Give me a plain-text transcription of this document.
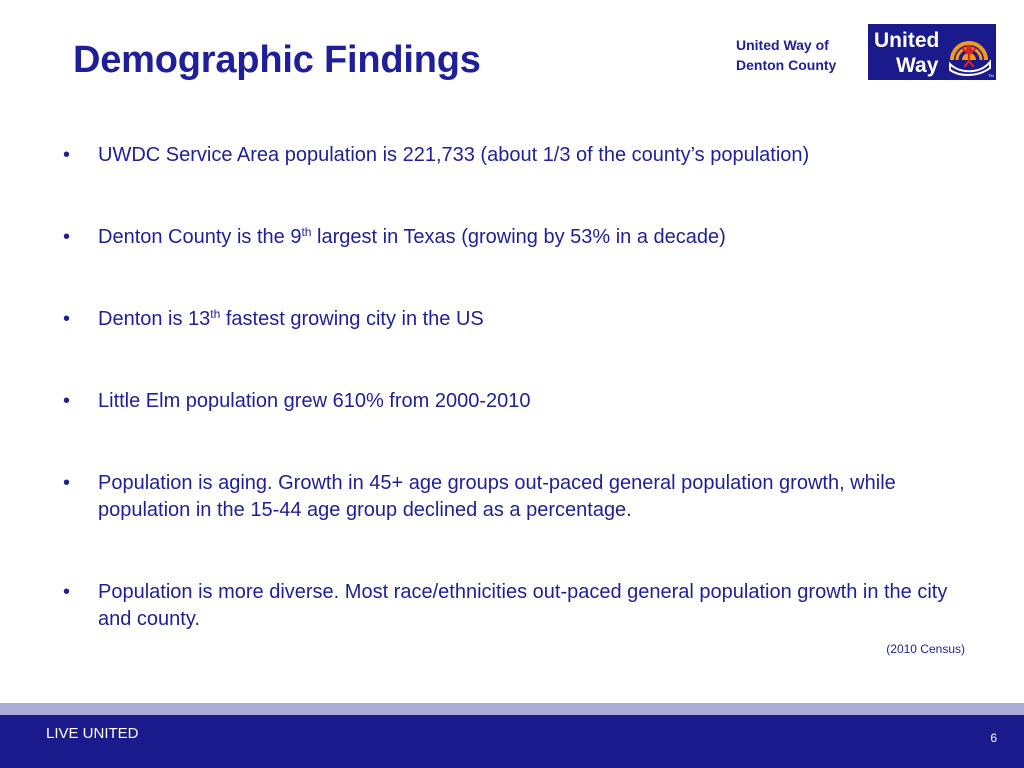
Demographic Findings	United Way of
Denton County
United
Way	TM
•	UWDC Service Area population is 221,733 (about 1/3 of the county’s population)
•	Denton County is the 9th largest in Texas (growing by 53% in a decade)
•	Denton is 13th fastest growing city in the US
•	Little Elm population grew 610% from 2000-2010
•	Population is aging. Growth in 45+ age groups out-paced general population growth, while population in the 15-44 age group declined as a percentage.
•	Population is more diverse. Most race/ethnicities out-paced general population growth in the city and county.
(2010 Census)
LIVE UNITED	6
